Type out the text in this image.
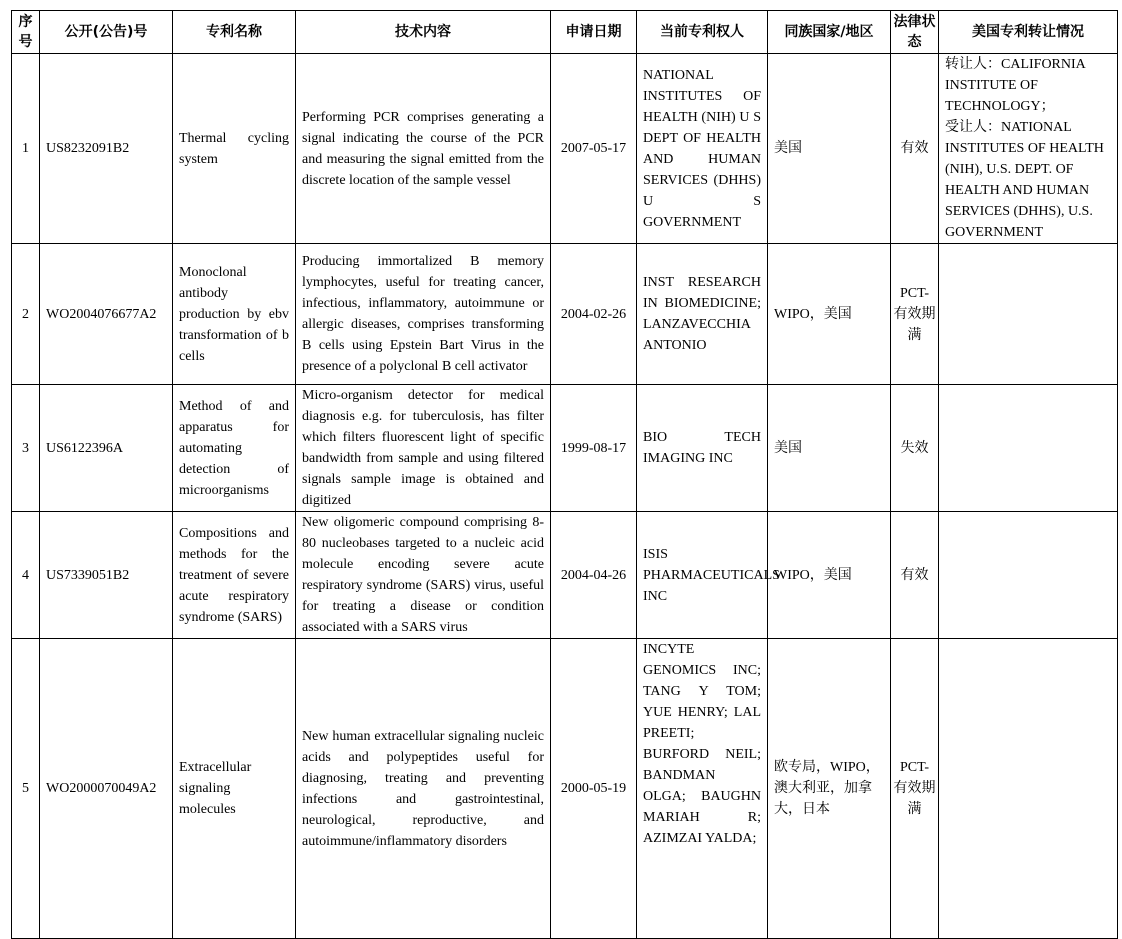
序号	公开(公告)号	专利名称	技术内容	申请日期	当前专利权人	同族国家/地区	法律状态	美国专利转让情况
1	US8232091B2	Thermal cycling system	Performing PCR comprises generating a signal indicating the course of the PCR and measuring the signal emitted from the discrete location of the sample vessel	2007-05-17	NATIONAL INSTITUTES OF HEALTH (NIH) U S DEPT OF HEALTH AND HUMAN SERVICES (DHHS) U S GOVERNMENT	美国	有效	转让人：CALIFORNIA INSTITUTE OF TECHNOLOGY；
受让人：NATIONAL INSTITUTES OF HEALTH (NIH), U.S. DEPT. OF HEALTH AND HUMAN SERVICES (DHHS), U.S. GOVERNMENT
2	WO2004076677A2	Monoclonal antibody production by ebv transformation of b cells	Producing immortalized B memory lymphocytes, useful for treating cancer, infectious, inflammatory, autoimmune or allergic diseases, comprises transforming B cells using Epstein Bart Virus in the presence of a polyclonal B cell activator	2004-02-26	INST RESEARCH IN BIOMEDICINE; LANZAVECCHIA ANTONIO	WIPO，美国	PCT-有效期满	
3	US6122396A	Method of and apparatus for automating detection of microorganisms	Micro-organism detector for medical diagnosis e.g. for tuberculosis, has filter which filters fluorescent light of specific bandwidth from sample and using filtered signals sample image is obtained and digitized	1999-08-17	BIO TECH IMAGING INC	美国	失效	
4	US7339051B2	Compositions and methods for the treatment of severe acute respiratory syndrome (SARS)	New oligomeric compound comprising 8-80 nucleobases targeted to a nucleic acid molecule encoding severe acute respiratory syndrome (SARS) virus, useful for treating a disease or condition associated with a SARS virus	2004-04-26	ISIS PHARMACEUTICALS INC	WIPO，美国	有效	
5	WO2000070049A2	Extracellular signaling molecules	New human extracellular signaling nucleic acids and polypeptides useful for diagnosing, treating and preventing infections and gastrointestinal, neurological, reproductive, and autoimmune/inflammatory disorders	2000-05-19	INCYTE GENOMICS INC; TANG Y TOM; YUE HENRY; LAL PREETI; BURFORD NEIL; BANDMAN OLGA; BAUGHN MARIAH R; AZIMZAI YALDA;	欧专局，WIPO，澳大利亚，加拿大，日本	PCT-有效期满	
